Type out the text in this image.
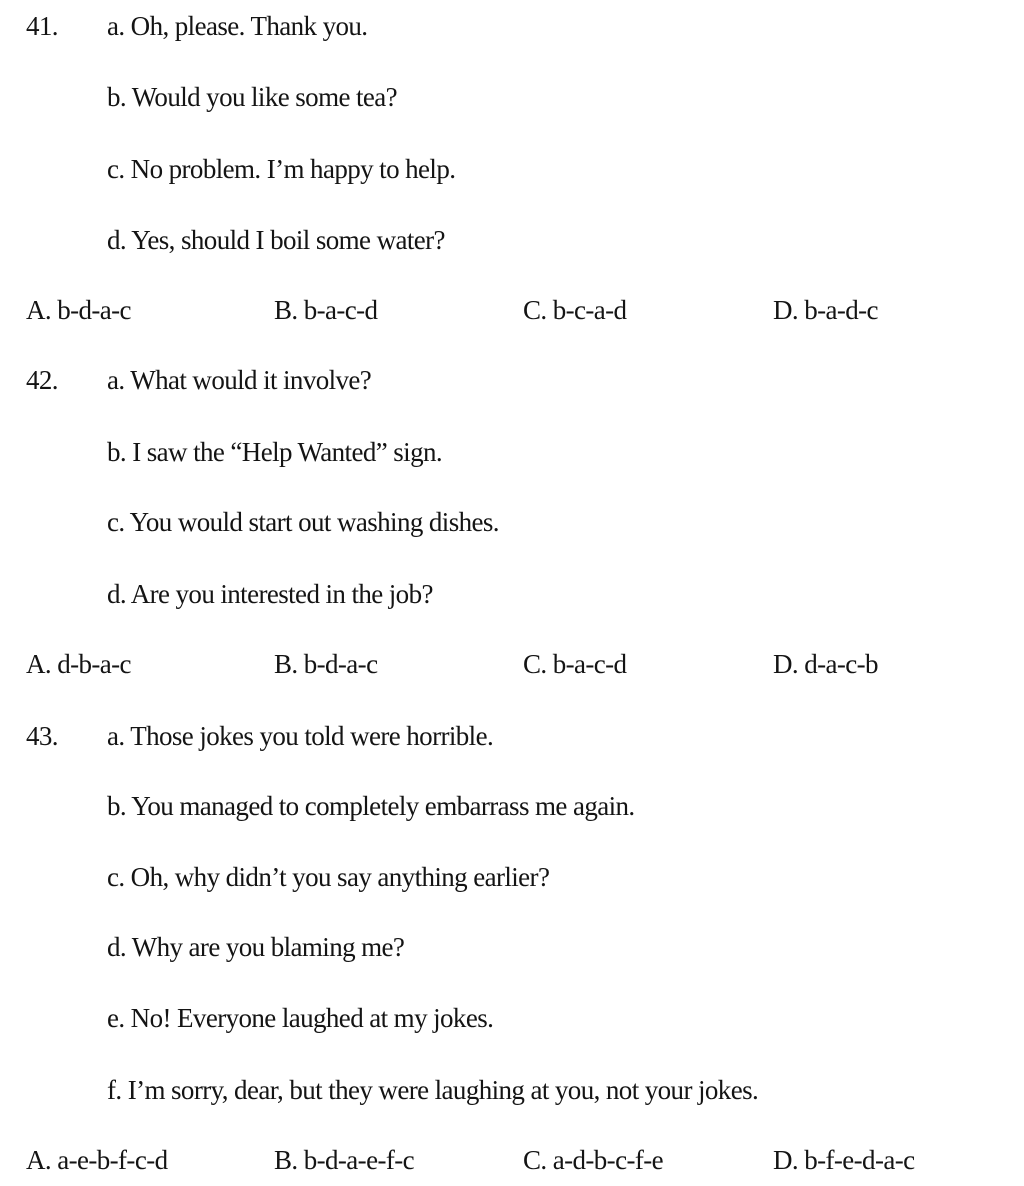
41.	a. Oh, please. Thank you.
b. Would you like some tea?
c. No problem. I’m happy to help.
d. Yes, should I boil some water?
A. b-d-a-c	B. b-a-c-d	C. b-c-a-d	D. b-a-d-c
42.	a. What would it involve?
b. I saw the “Help Wanted” sign.
c. You would start out washing dishes.
d. Are you interested in the job?
A. d-b-a-c	B. b-d-a-c	C. b-a-c-d	D. d-a-c-b
43.	a. Those jokes you told were horrible.
b. You managed to completely embarrass me again.
c. Oh, why didn’t you say anything earlier?
d. Why are you blaming me?
e. No! Everyone laughed at my jokes.
f. I’m sorry, dear, but they were laughing at you, not your jokes.
A. a-e-b-f-c-d	B. b-d-a-e-f-c	C. a-d-b-c-f-e	D. b-f-e-d-a-c
